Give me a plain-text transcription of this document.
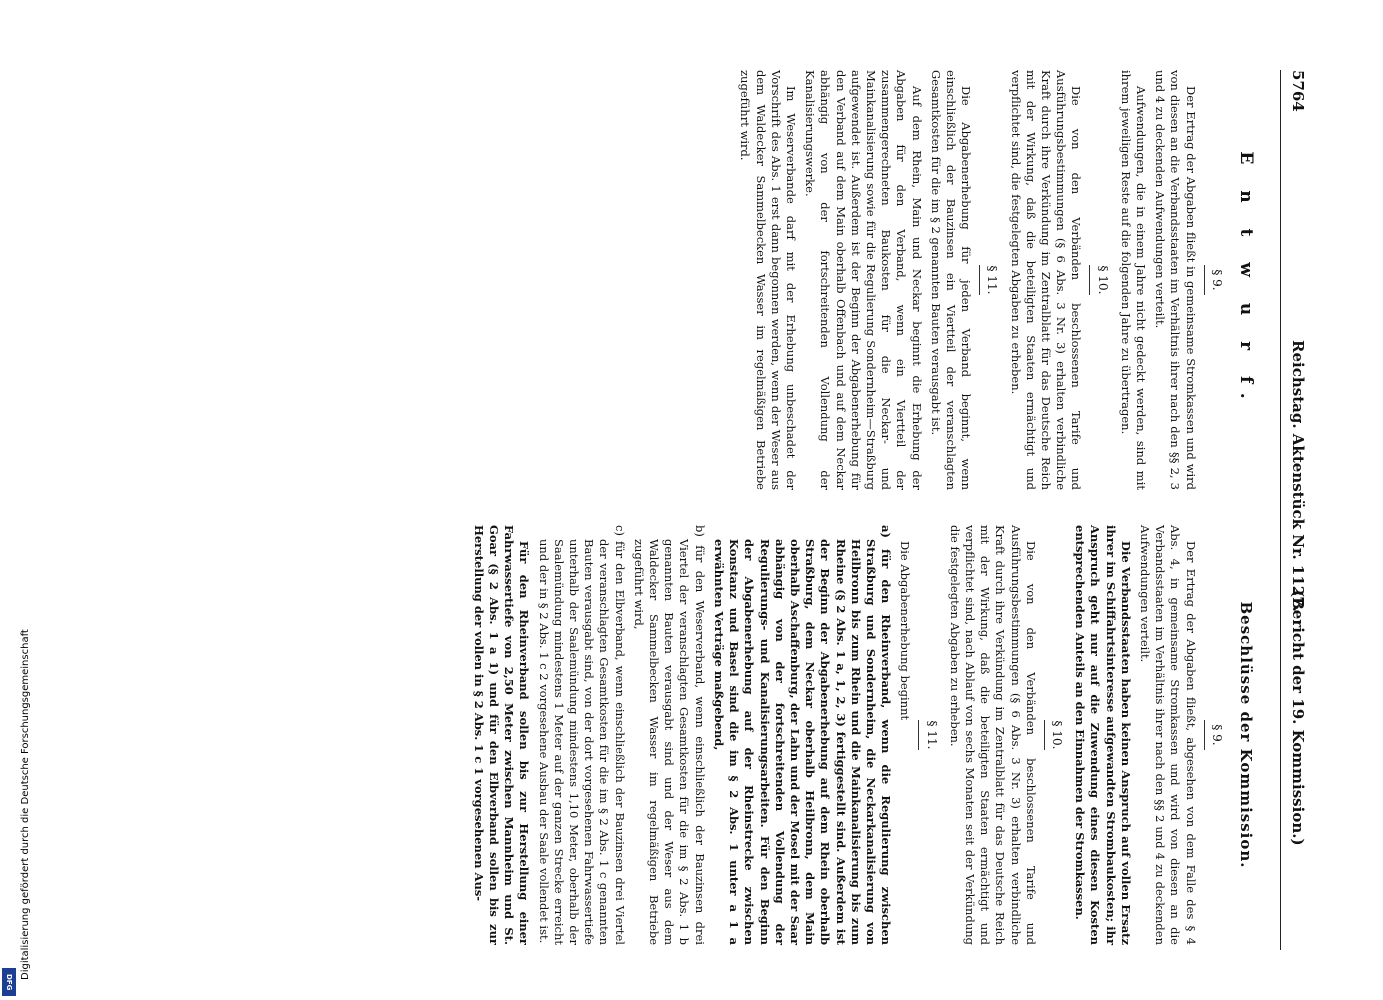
5764
Reichstag. Aktenstück Nr. 1127.
(Bericht der 19. Kommission.)
E n t w u r f.
§ 9.

Der Ertrag der Abgaben fließt in gemeinsame Stromkassen und wird von diesen an die Verbandsstaaten im Verhältnis ihrer nach den §§ 2, 3 und 4 zu deckenden Aufwendungen verteilt.

Aufwendungen, die in einem Jahre nicht gedeckt werden, sind mit ihrem jeweiligen Reste auf die folgenden Jahre zu übertragen.

§ 10.

Die von den Verbänden beschlossenen Tarife und Ausführungsbestimmungen (§ 6 Abs. 3 Nr. 3) erhalten verbindliche Kraft durch ihre Verkündung im Zentralblatt für das Deutsche Reich mit der Wirkung, daß die beteiligten Staaten ermächtigt und verpflichtet sind, die festgelegten Abgaben zu erheben.

§ 11.

Die Abgabenerhebung für jeden Verband beginnt, wenn einschließlich der Bauzinsen ein Viertteil der veranschlagten Gesamtkosten für die im § 2 genannten Bauten verausgabt ist.

Auf dem Rhein, Main und Neckar beginnt die Erhebung der Abgaben für den Verband, wenn ein Viertteil der zusammengerechneten Baukosten für die Neckar- und Mainkanalisierung sowie für die Regulierung Sondernheim—Straßburg aufgewendet ist. Außerdem ist der Beginn der Abgabenerhebung für den Verband auf dem Main oberhalb Offenbach und auf dem Neckar abhängig von der fortschreitenden Vollendung der Kanalisierungswerke.

Im Weserverbande darf mit der Erhebung unbeschadet der Vorschrift des Abs. 1 erst dann begonnen werden, wenn der Weser aus dem Waldecker Sammelbecken Wasser im regelmäßigen Betriebe zugeführt wird.

Beschlüsse der Kommission.
§ 9.

Der Ertrag der Abgaben fließt, abgesehen von dem Falle des § 4 Abs. 4, in gemeinsame Stromkassen und wird von diesen an die Verbandsstaaten im Verhältnis ihrer nach den §§ 2 und 4 zu deckenden Aufwendungen verteilt.

Die Verbandsstaaten haben keinen Anspruch auf vollen Ersatz ihrer im Schiffahrtsinteresse aufgewandten Strombaukosten; ihr Anspruch geht nur auf die Zuwendung eines diesen Kosten entsprechenden Anteils an den Einnahmen der Stromkassen.

§ 10.

Die von den Verbänden beschlossenen Tarife und Ausführungsbestimmungen (§ 6 Abs. 3 Nr. 3) erhalten verbindliche Kraft durch ihre Verkündung im Zentralblatt für das Deutsche Reich mit der Wirkung, daß die beteiligten Staaten ermächtigt und verpflichtet sind, nach Ablauf von sechs Monaten seit der Verkündung die festgelegten Abgaben zu erheben.

§ 11.

Die Abgabenerhebung beginnt

a) für den Rheinverband, wenn die Regulierung zwischen Straßburg und Sondernheim, die Neckarkanalisierung von Heilbronn bis zum Rhein und die Mainkanalisierung bis zum Rheine (§ 2 Abs. 1 a, 1, 2, 3) fertiggestellt sind. Außerdem ist der Beginn der Abgabenerhebung auf dem Rhein oberhalb Straßburg, dem Neckar oberhalb Heilbronn, dem Main oberhalb Aschaffenburg, der Lahn und der Mosel mit der Saar abhängig von der fortschreitenden Vollendung der Regulierungs- und Kanalisierungsarbeiten. Für den Beginn der Abgabenerhebung auf der Rheinstrecke zwischen Konstanz und Basel sind die im § 2 Abs. 1 unter a 1 a erwähnten Verträge maßgebend,

b) für den Weserverband, wenn einschließlich der Bauzinsen drei Viertel der veranschlagten Gesamtkosten für die im § 2 Abs. 1 b genannten Bauten verausgabt sind und der Weser aus dem Waldecker Sammelbecken Wasser im regelmäßigen Betriebe zugeführt wird,

c) für den Elbverband, wenn einschließlich der Bauzinsen drei Viertel der veranschlagten Gesamtkosten für die im § 2 Abs. 1 c genannten Bauten verausgabt sind, von der dort vorgesehenen Fahrwassertiefe unterhalb der Saalemündung mindestens 1,10 Meter, oberhalb der Saalemündung mindestens 1 Meter auf der ganzen Strecke erreicht und der in § 2 Abs. 1 c 2 vorgesehene Ausbau der Saale vollendet ist.

Für den Rheinverband sollen bis zur Herstellung einer Fahrwassertiefe von 2,50 Meter zwischen Mannheim und St. Goar (§ 2 Abs. 1 a 1) und für den Elbverband sollen bis zur Herstellung der vollen in § 2 Abs. 1 c 1 vorgesehenen Aus-

Digitalisierung gefördert durch die Deutsche Forschungsgemeinschaft
DFG
